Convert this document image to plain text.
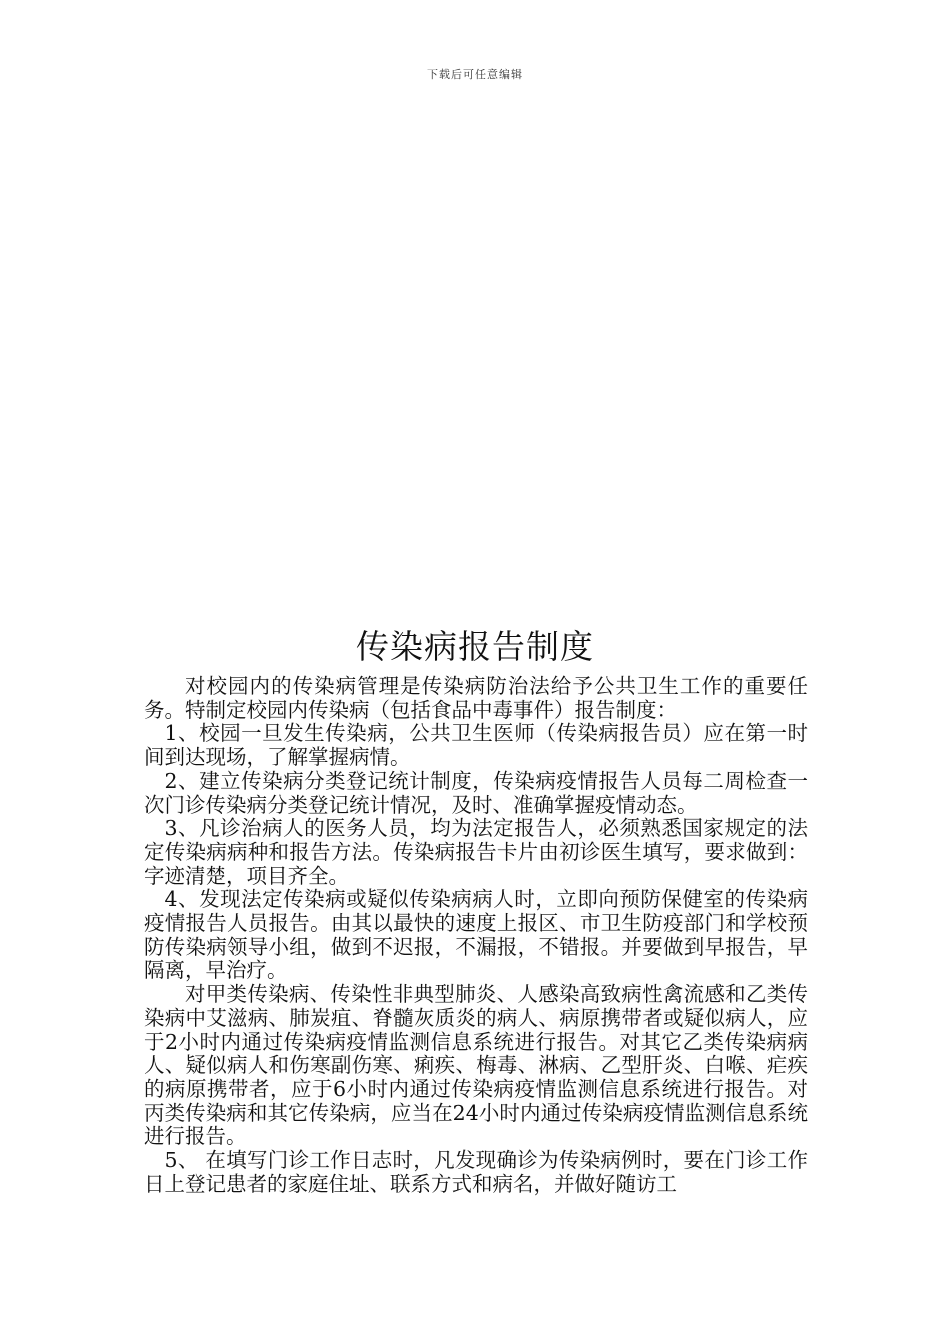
下载后可任意编辑
传染病报告制度

对校园内的传染病管理是传染病防治法给予公共卫生工作的重要任务。特制定校园内传染病（包括食品中毒事件）报告制度：

1、校园一旦发生传染病，公共卫生医师（传染病报告员）应在第一时间到达现场，了解掌握病情。

2、建立传染病分类登记统计制度，传染病疫情报告人员每二周检查一次门诊传染病分类登记统计情况，及时、准确掌握疫情动态。

3、凡诊治病人的医务人员，均为法定报告人，必须熟悉国家规定的法定传染病病种和报告方法。传染病报告卡片由初诊医生填写，要求做到：字迹清楚，项目齐全。

4、发现法定传染病或疑似传染病病人时，立即向预防保健室的传染病疫情报告人员报告。由其以最快的速度上报区、市卫生防疫部门和学校预防传染病领导小组，做到不迟报，不漏报，不错报。并要做到早报告，早隔离，早治疗。

对甲类传染病、传染性非典型肺炎、人感染高致病性禽流感和乙类传染病中艾滋病、肺炭疽、脊髓灰质炎的病人、病原携带者或疑似病人，应于2小时内通过传染病疫情监测信息系统进行报告。对其它乙类传染病病人、疑似病人和伤寒副伤寒、痢疾、梅毒、淋病、乙型肝炎、白喉、疟疾的病原携带者，应于6小时内通过传染病疫情监测信息系统进行报告。对丙类传染病和其它传染病，应当在24小时内通过传染病疫情监测信息系统进行报告。

5、 在填写门诊工作日志时，凡发现确诊为传染病例时，要在门诊工作日上登记患者的家庭住址、联系方式和病名，并做好随访工
